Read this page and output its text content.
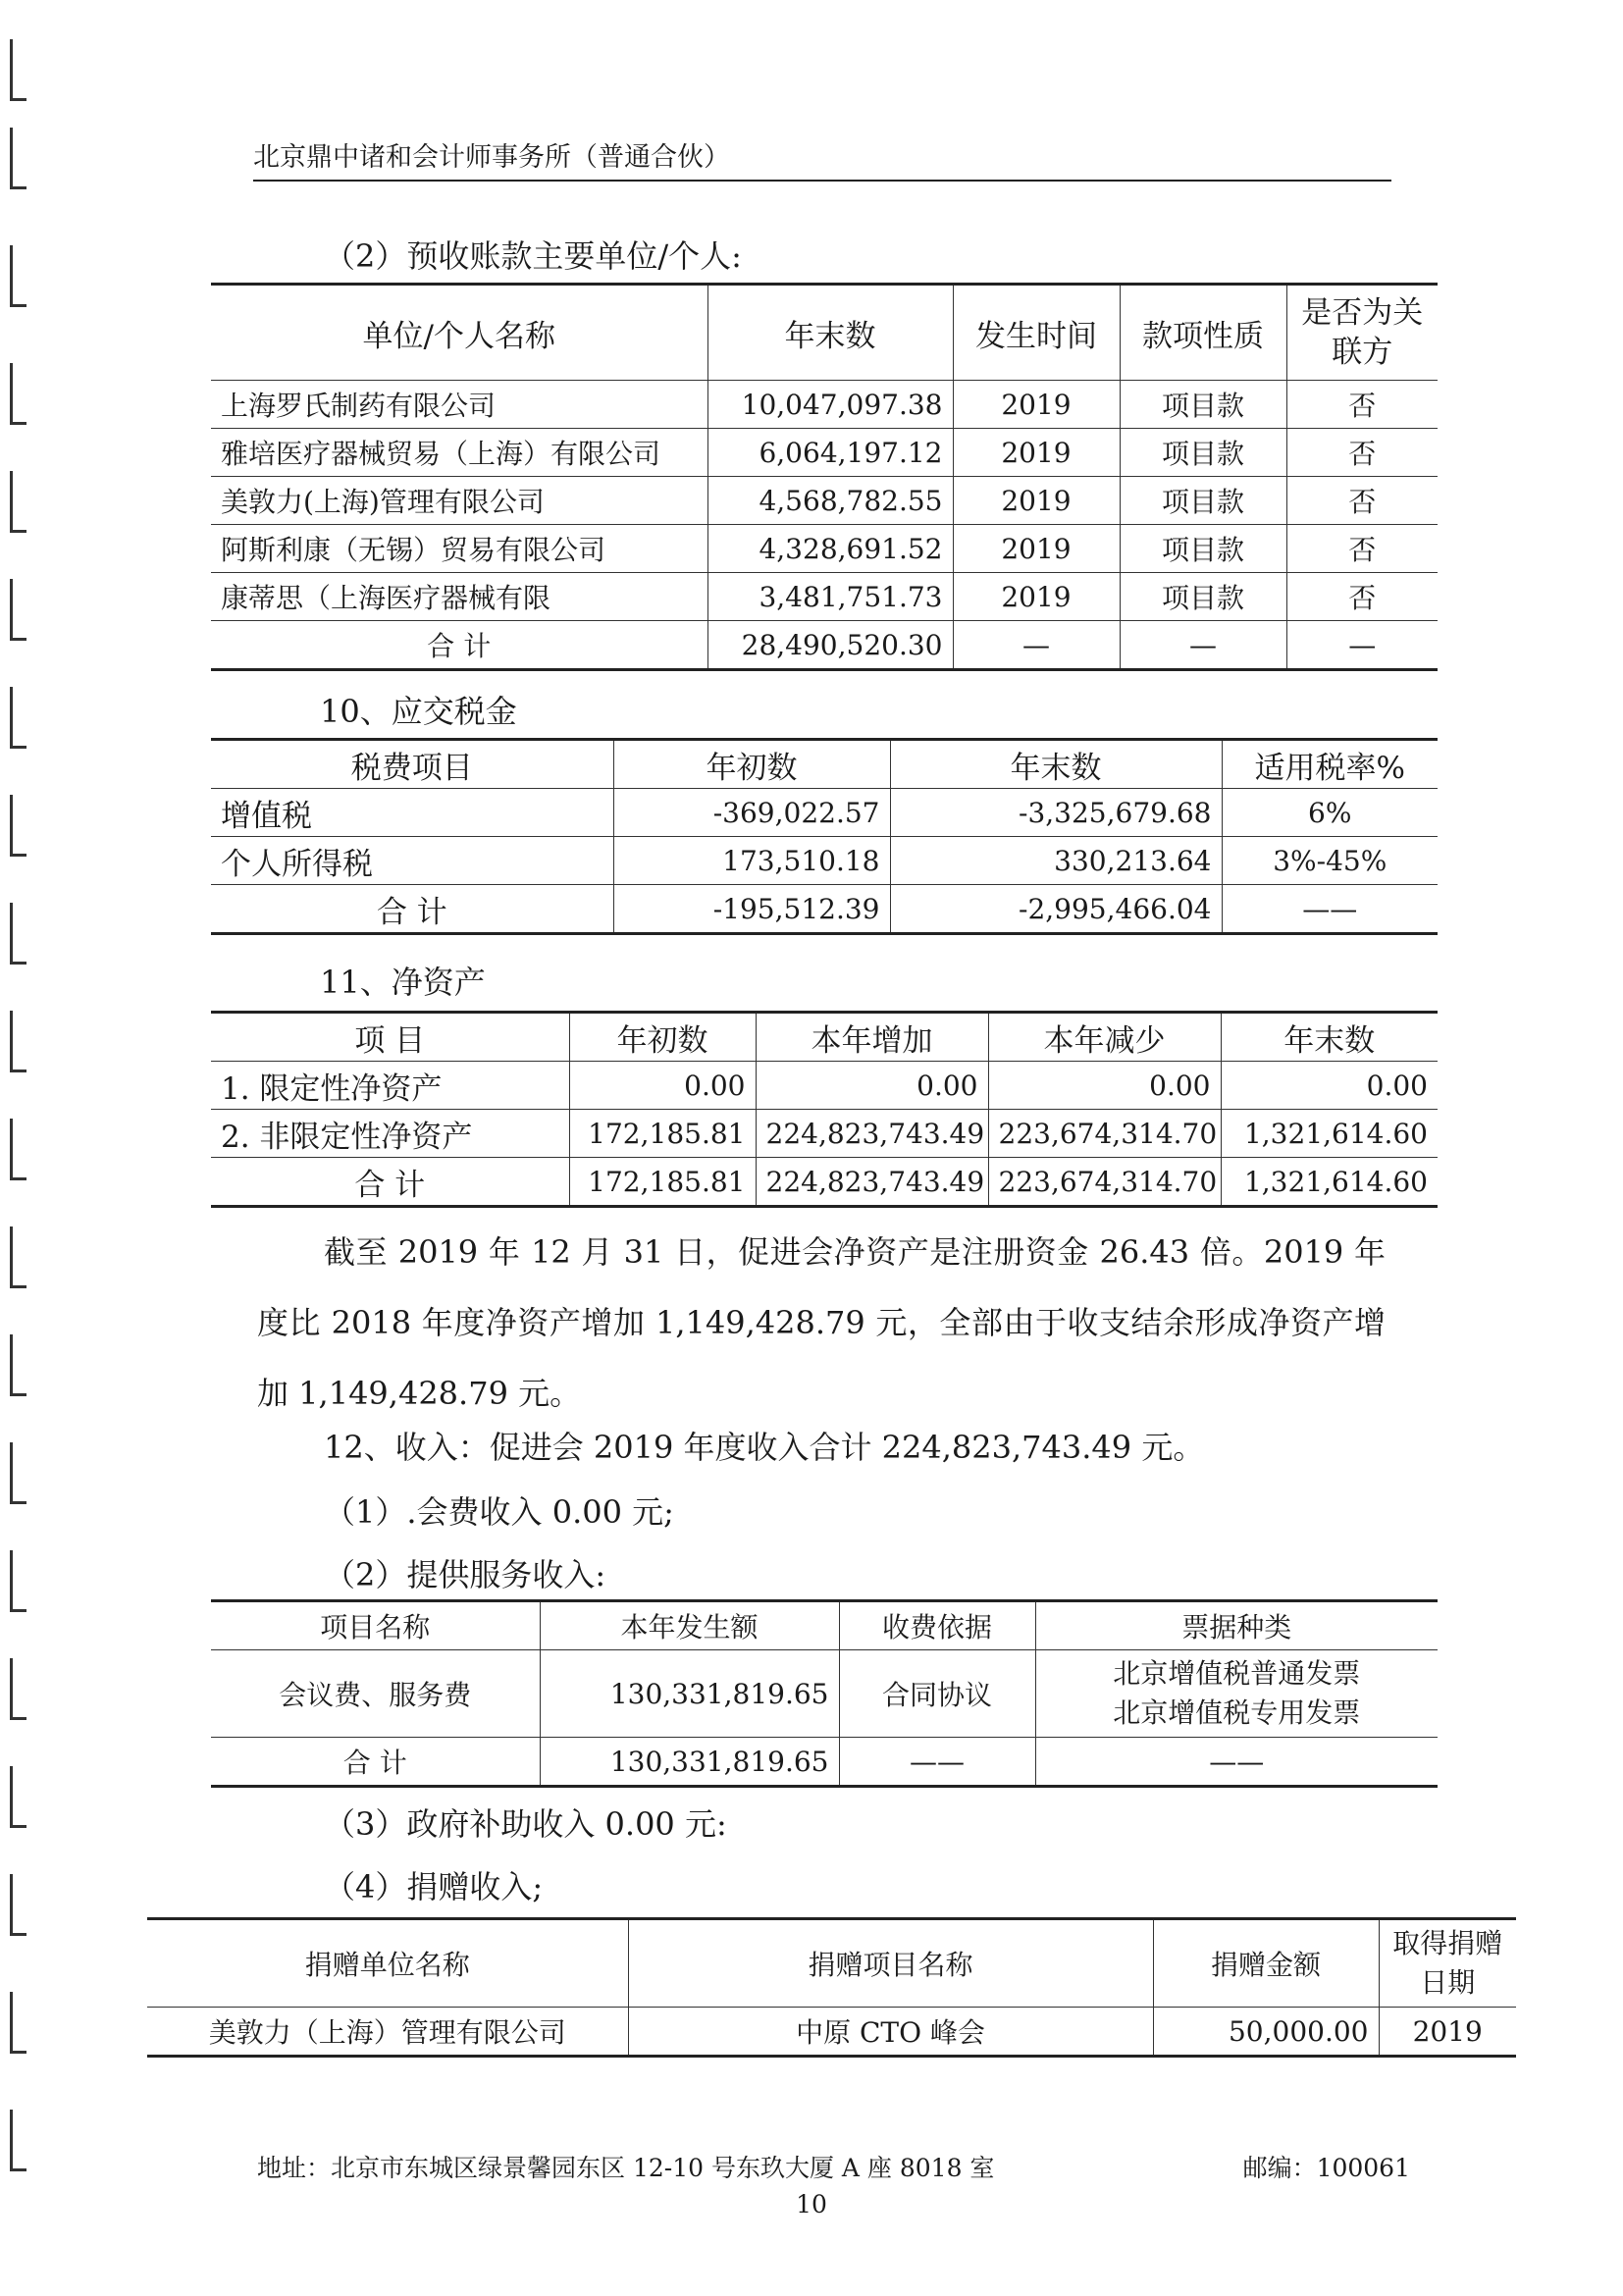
北京鼎中诸和会计师事务所（普通合伙）
（2）预收账款主要单位/个人:
单位/个人名称	年末数	发生时间	款项性质	是否为关联方
上海罗氏制药有限公司	10,047,097.38	2019	项目款	否
雅培医疗器械贸易（上海）有限公司	6,064,197.12	2019	项目款	否
美敦力(上海)管理有限公司	4,568,782.55	2019	项目款	否
阿斯利康（无锡）贸易有限公司	4,328,691.52	2019	项目款	否
康蒂思（上海医疗器械有限	3,481,751.73	2019	项目款	否
合 计	28,490,520.30	—	—	—
10、应交税金
税费项目	年初数	年末数	适用税率%
增值税	-369,022.57	-3,325,679.68	6%
个人所得税	173,510.18	330,213.64	3%-45%
合 计	-195,512.39	-2,995,466.04	——
11、净资产
项 目	年初数	本年增加	本年减少	年末数
1. 限定性净资产	0.00	0.00	0.00	0.00
2. 非限定性净资产	172,185.81	224,823,743.49	223,674,314.70	1,321,614.60
合 计	172,185.81	224,823,743.49	223,674,314.70	1,321,614.60
截至 2019 年 12 月 31 日，促进会净资产是注册资金 26.43 倍。2019 年度比 2018 年度净资产增加 1,149,428.79 元，全部由于收支结余形成净资产增加 1,149,428.79 元。
12、收入：促进会 2019 年度收入合计 224,823,743.49 元。
（1）.会费收入 0.00 元;
（2）提供服务收入:
项目名称	本年发生额	收费依据	票据种类
会议费、服务费	130,331,819.65	合同协议	北京增值税普通发票
北京增值税专用发票

合 计	130,331,819.65	——	——
（3）政府补助收入 0.00 元:
（4）捐赠收入;
捐赠单位名称	捐赠项目名称	捐赠金额	取得捐赠日期
美敦力（上海）管理有限公司	中原 CTO 峰会	50,000.00	2019
地址：北京市东城区绿景馨园东区 12-10 号东玖大厦 A 座 8018 室	邮编：100061
10
